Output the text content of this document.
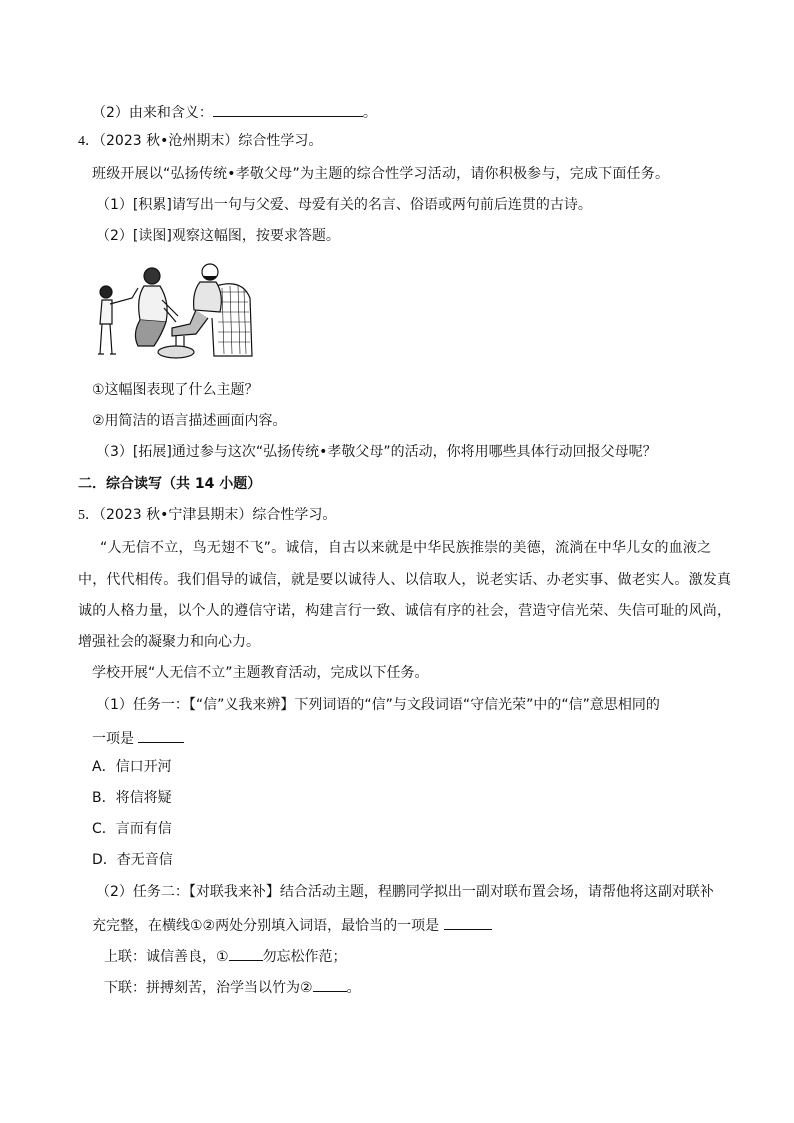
（2）由来和含义：	。
4．（2023 秋•沧州期末）综合性学习。
班级开展以“弘扬传统•孝敬父母”为主题的综合性学习活动，请你积极参与，完成下面任务。
（1）[积累]请写出一句与父爱、母爱有关的名言、俗语或两句前后连贯的古诗。
（2）[读图]观察这幅图，按要求答题。
①这幅图表现了什么主题？
②用简洁的语言描述画面内容。
（3）[拓展]通过参与这次“弘扬传统•孝敬父母”的活动，你将用哪些具体行动回报父母呢？
二．综合读写（共 14 小题）
5．（2023 秋•宁津县期末）综合性学习。
“人无信不立，鸟无翅不飞”。诚信，自古以来就是中华民族推崇的美德，流淌在中华儿女的血液之
中，代代相传。我们倡导的诚信，就是要以诚待人、以信取人，说老实话、办老实事、做老实人。激发真
诚的人格力量，以个人的遵信守诺，构建言行一致、诚信有序的社会，营造守信光荣、失信可耻的风尚，
增强社会的凝聚力和向心力。
学校开展“人无信不立”主题教育活动，完成以下任务。
（1）任务一：【“信”义我来辨】下列词语的“信”与文段词语“守信光荣”中的“信”意思相同的
一项是
A．信口开河
B．将信将疑
C．言而有信
D．杳无音信
（2）任务二：【对联我来补】结合活动主题，程鹏同学拟出一副对联布置会场，请帮他将这副对联补
充完整，在横线①②两处分别填入词语，最恰当的一项是
上联：诚信善良，① 勿忘松作范；
下联：拼搏刻苦，治学当以竹为② 。
